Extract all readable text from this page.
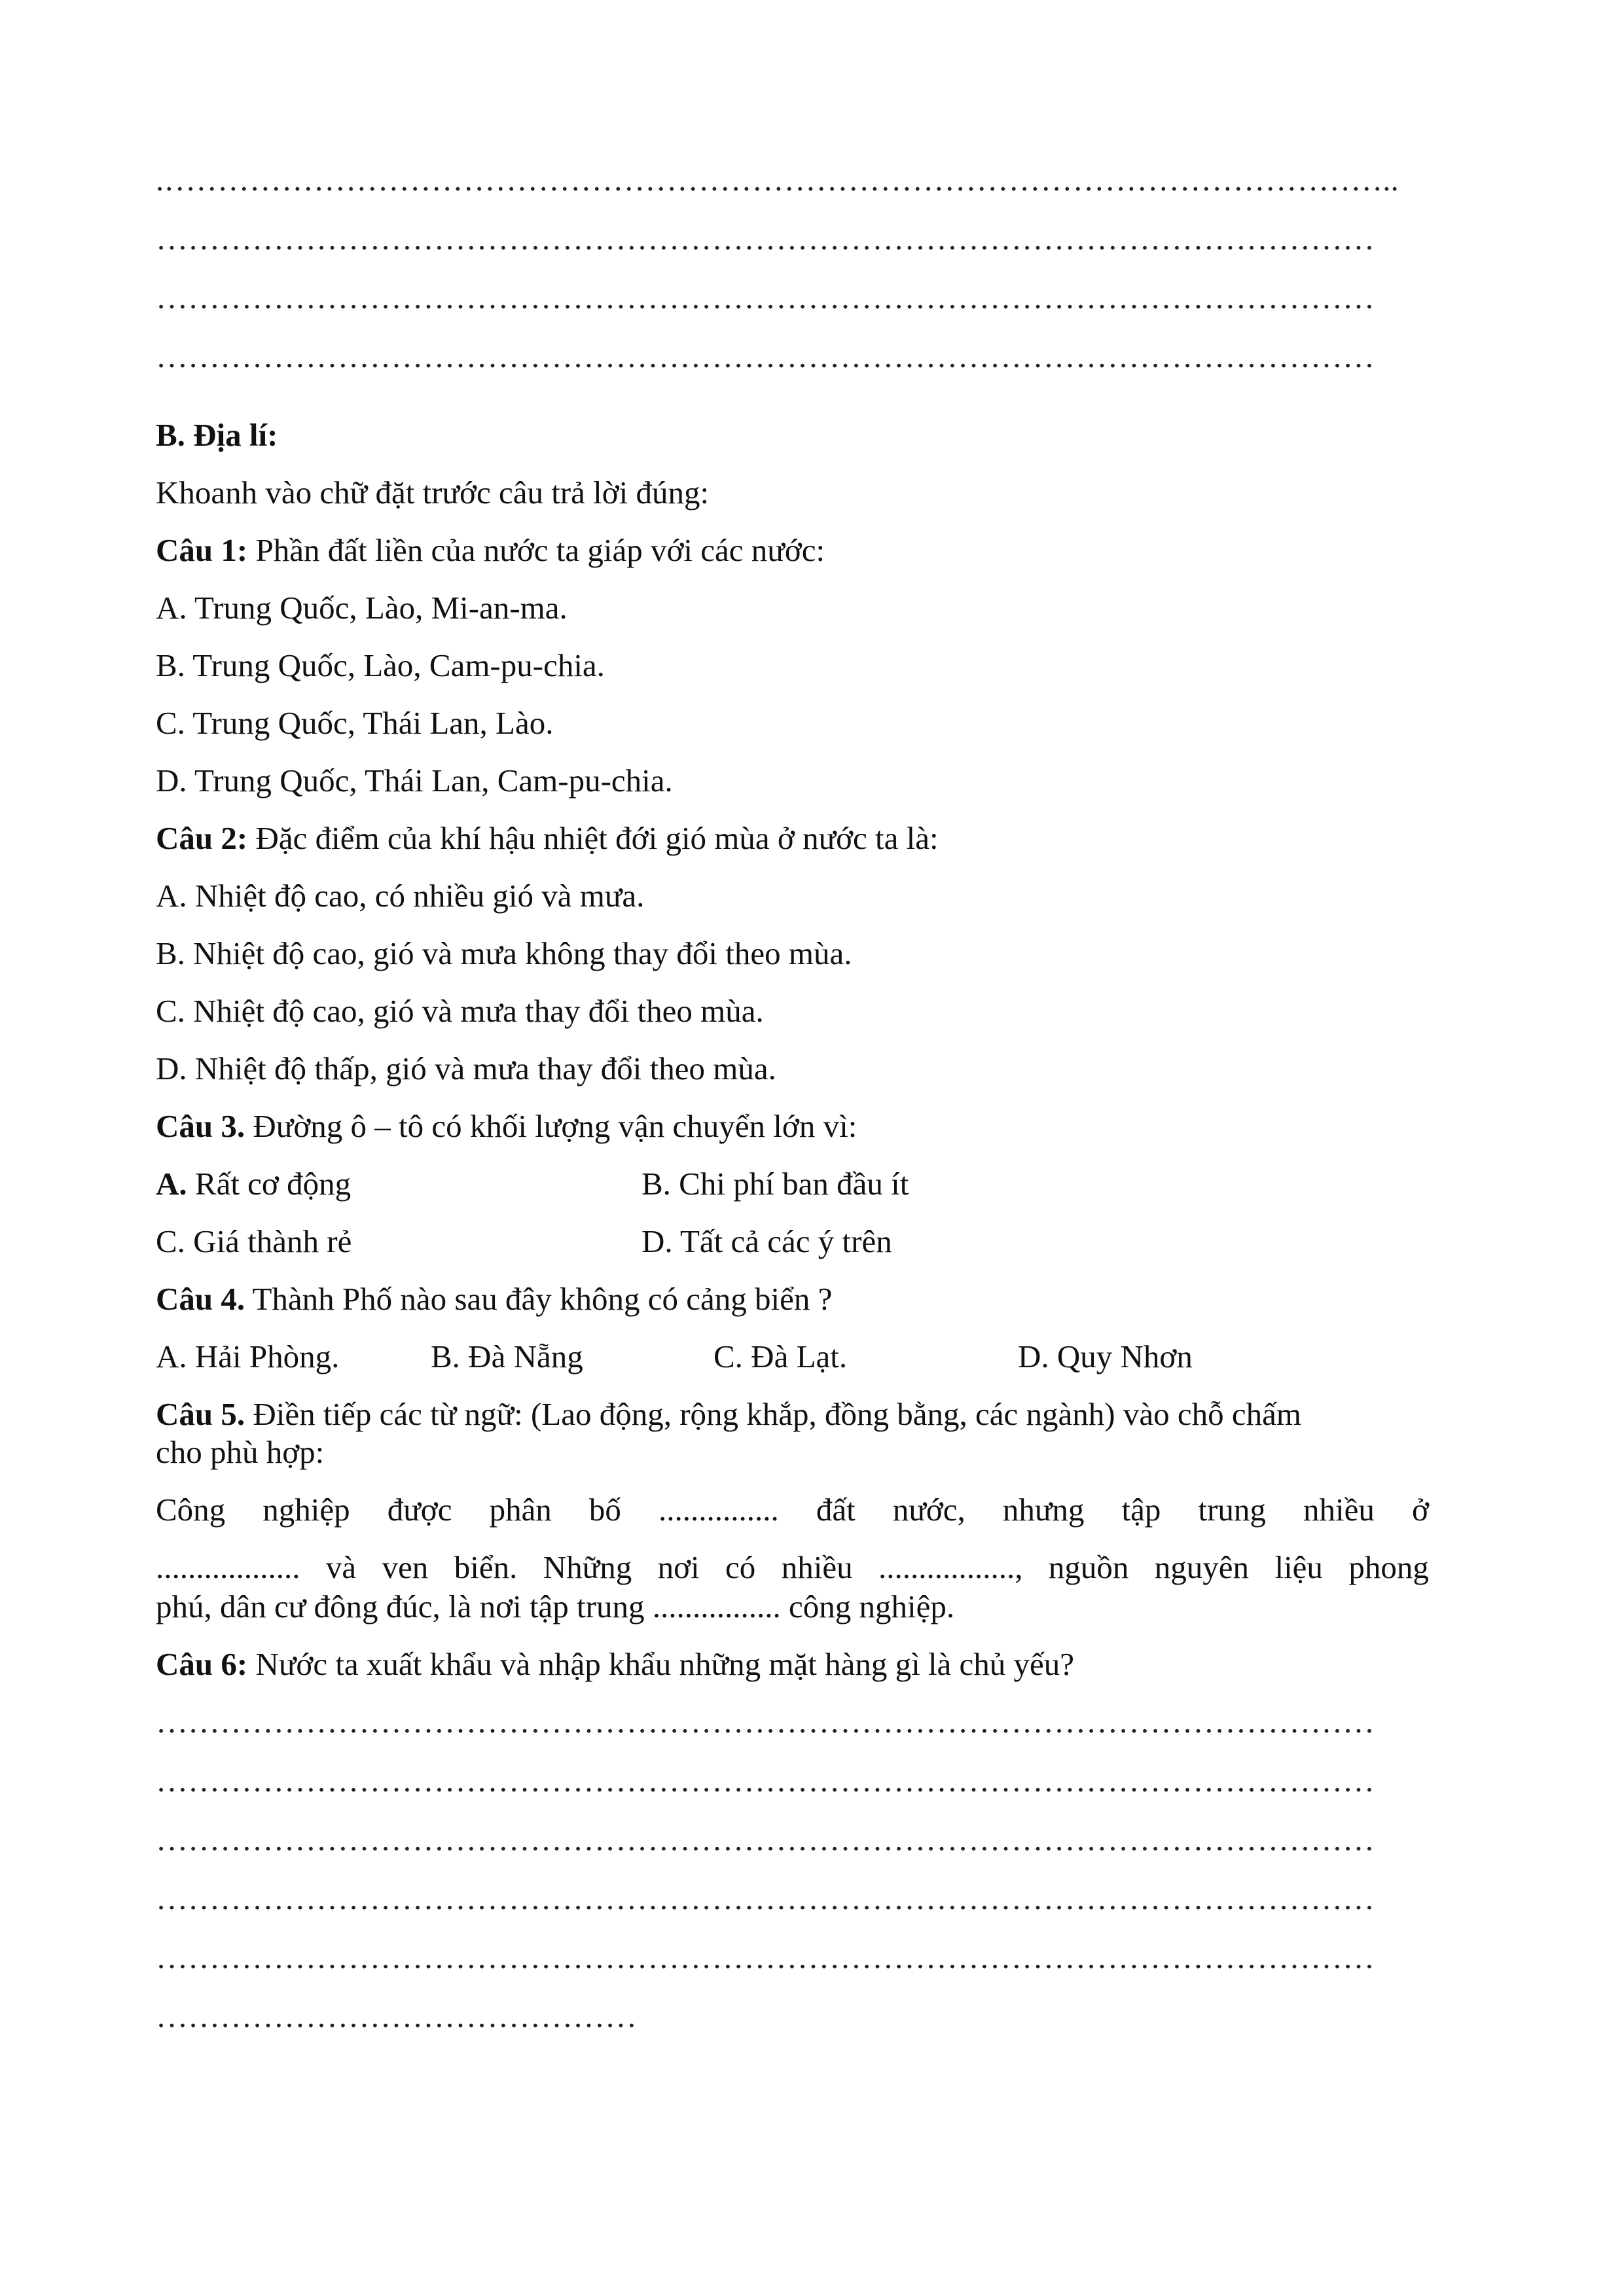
.……………………………………………………………………………………………………..
……………………………………………………………………………………………………
……………………………………………………………………………………………………
……………………………………………………………………………………………………
B. Địa lí:
Khoanh vào chữ đặt trước câu trả lời đúng:
Câu 1: Phần đất liền của nước ta giáp với các nước:
A. Trung Quốc, Lào, Mi-an-ma.
B. Trung Quốc, Lào, Cam-pu-chia.
C. Trung Quốc, Thái Lan, Lào.
D. Trung Quốc, Thái Lan, Cam-pu-chia.
Câu 2: Đặc điểm của khí hậu nhiệt đới gió mùa ở nước ta là:
A. Nhiệt độ cao, có nhiều gió và mưa.
B. Nhiệt độ cao, gió và mưa không thay đổi theo mùa.
C. Nhiệt độ cao, gió và mưa thay đổi theo mùa.
D. Nhiệt độ thấp, gió và mưa thay đổi theo mùa.
Câu 3. Đường ô – tô có khối lượng vận chuyển lớn vì:
A. Rất cơ động	B. Chi phí ban đầu ít
C. Giá thành rẻ	D. Tất cả các ý trên
Câu 4. Thành Phố nào sau đây không có cảng biển ?
A. Hải Phòng.	B. Đà Nẵng	C. Đà Lạt.	D. Quy Nhơn
Câu 5. Điền tiếp các từ ngữ: (Lao động, rộng khắp, đồng bằng, các ngành) vào chỗ chấm
cho phù hợp:
Công nghiệp được phân bố ............... đất nước, nhưng tập trung nhiều ở
.................. và ven biển. Những nơi có nhiều ................., nguồn nguyên liệu phong
phú, dân cư đông đúc, là nơi tập trung ................ công nghiệp.
Câu 6: Nước ta xuất khẩu và nhập khẩu những mặt hàng gì là chủ yếu?
……………………………………………………………………………………………………
……………………………………………………………………………………………………
……………………………………………………………………………………………………
……………………………………………………………………………………………………
……………………………………………………………………………………………………
………………………………………
